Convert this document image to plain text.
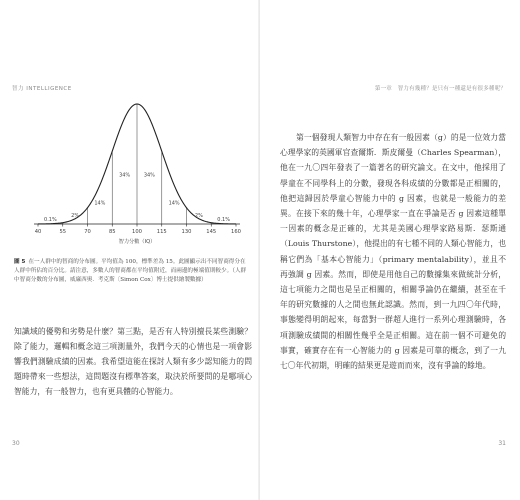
智力 INTELLIGENCE
40	55	70	85	100	115	130	145	160
0.1%
2%
14%
34%	34%
14%
2%
0.1%
智力分數（IQ）
圖 5 在一人群中的智商的分布圖。平均值為 100，標準差為 15。此圖顯示出不同智商得分在人群中所佔的百分比。請注意，多數人的智商都在平均值附近，而兩邊的極端值則較少。（人群中智商分數的分布圖，威廉西奧．考克斯〔Simon Cox〕博士提供繪製數據）

知識域的優勢和劣勢是什麼？第三點，是否有人特別擅長某些測驗？除了能力，邏輯和概念這三項測量外，我們今天的心情也是一項會影響我們測驗成績的因素。我希望這能在探討人類有多少認知能力的問題時帶來一些想法，這問題沒有標準答案，取決於所要問的是哪項心智能力，有一般智力，也有更具體的心智能力。

30
第一章　智力有幾種？是只有一種還是有很多種呢？

第一個發現人類智力中存在有一般因素（g）的是一位效力當心理學家的英國軍官查爾斯．斯皮爾曼（Charles Spearman），他在一九〇四年發表了一篇著名的研究論文。在文中，他採用了學童在不同學科上的分數，發現各科成績的分數都是正相關的，他把這歸因於學童心智能力中的 g 因素，也就是一般能力的差異。在接下來的幾十年，心理學家一直在爭論是否 g 因素這種單一因素的概念是正確的，尤其是美國心理學家路易斯．瑟斯通（Louis Thurstone），他提出的有七種不同的人類心智能力，也稱它們為「基本心智能力」（primary mentalability），並且不再強調 g 因素。然而，即使是用他自己的數據集來做統計分析，這七項能力之間也是呈正相關的，相關爭論仍在繼續，甚至在千年的研究數據的人之間也無此認識。然而，到一九四〇年代時，事態變得明朗起來，每當對一群超人進行一系列心理測驗時，各項測驗成績間的相關性幾乎全是正相關。這在前一個不可避免的事實，確實存在有一心智能力的 g 因素是可靠的概念，到了一九七〇年代初期，明確的結果更是遊而而來，沒有爭論的餘地。

31
